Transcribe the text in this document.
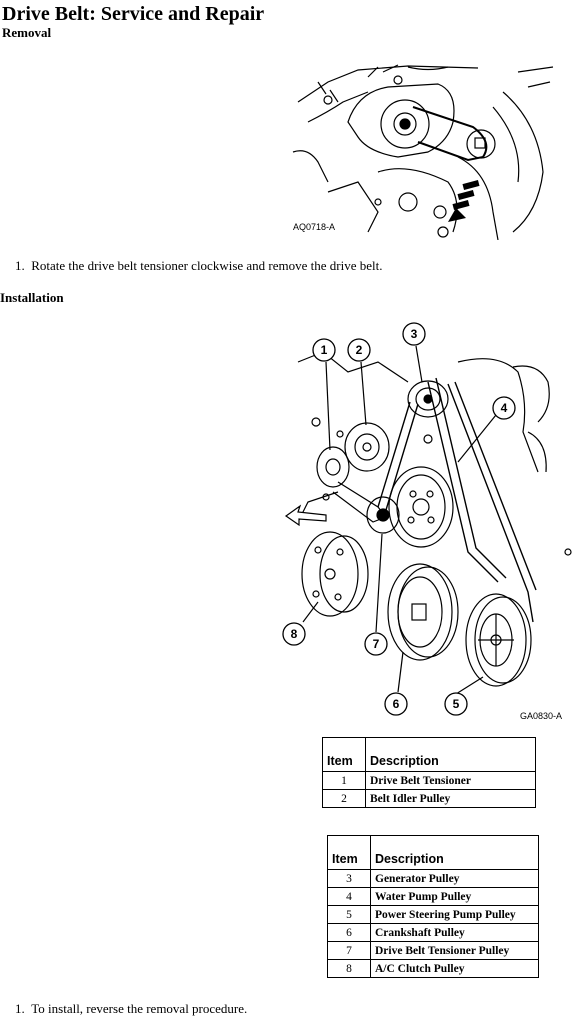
Drive Belt: Service and Repair
Removal
AQ0718-A
1. Rotate the drive belt tensioner clockwise and remove the drive belt.
Installation
1 2
3
4
5
6
7
8
GA0830-A
Item	Description
1	Drive Belt Tensioner
2	Belt Idler Pulley
Item	Description
3	Generator Pulley
4	Water Pump Pulley
5	Power Steering Pump Pulley
6	Crankshaft Pulley
7	Drive Belt Tensioner Pulley
8	A/C Clutch Pulley
1. To install, reverse the removal procedure.
